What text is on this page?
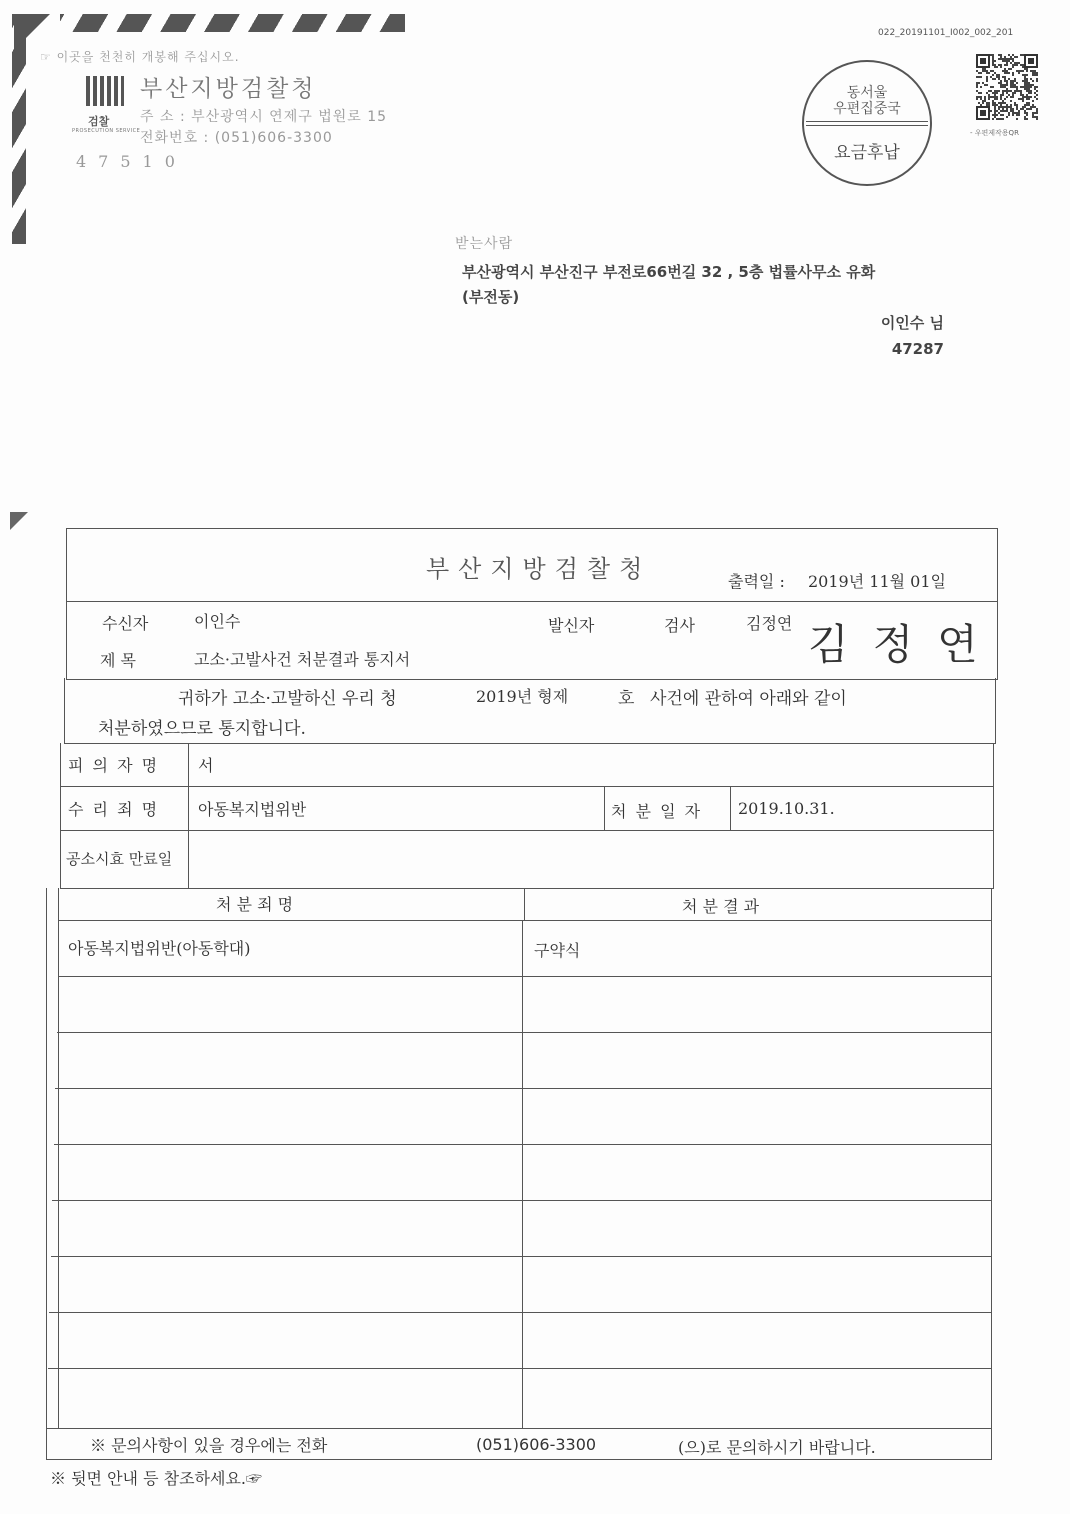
☞ 이곳을 천천히 개봉해 주십시오.
검찰
PROSECUTION SERVICE
부산지방검찰청
주 소 : 부산광역시 연제구 법원로 15
전화번호 : (051)606-3300
47510
022_20191101_I002_002_201
동서울
우편집중국
요금후납
- 우편제작용QR
받는사람
부산광역시 부산진구 부전로66번길 32 , 5층 법률사무소 유화
(부전동)
이인수 님
47287
부산지방검찰청	출력일 : 2019년 11월 01일
수신자	이인수	발신자	검사	김정연 김정연
제 목	고소·고발사건 처분결과 통지서
귀하가 고소·고발하신 우리 청	2019년 형제	호 사건에 관하여 아래와 같이
처분하였으므로 통지합니다.
피 의 자 명 서
수 리 죄 명 아동복지법위반	처 분 일 자 2019.10.31.
공소시효 만료일
처 분 죄 명	처 분 결 과
아동복지법위반(아동학대)	구약식
※ 문의사항이 있을 경우에는 전화	(051)606-3300	(으)로 문의하시기 바랍니다.
※ 뒷면 안내 등 참조하세요.☞
